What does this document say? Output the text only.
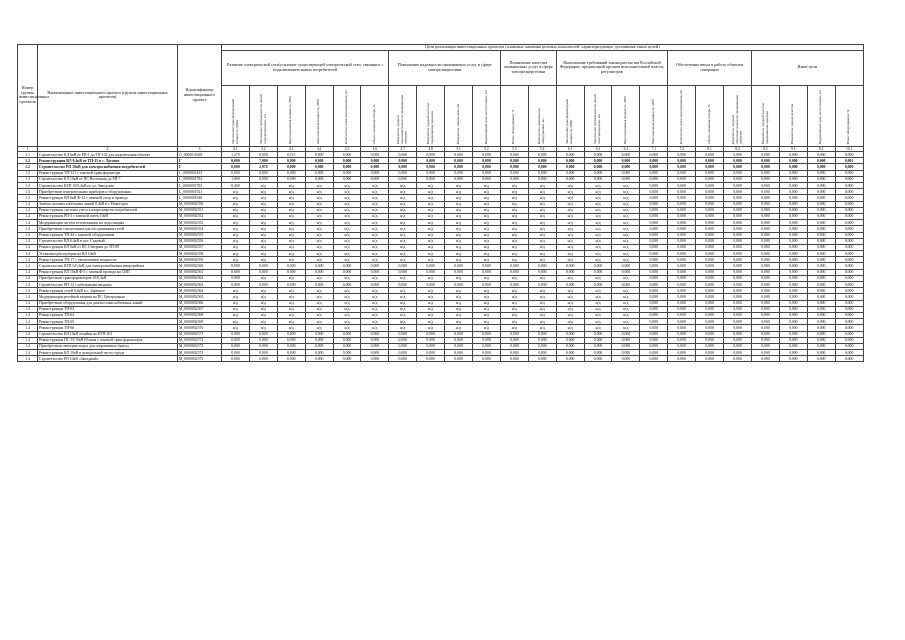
Номер группы инвестиционных проектов	Наименование инвестиционного проекта (группы инвестиционных проектов)	Идентификатор инвестиционного проекта	Цели реализации инвестиционных проектов (плановые значения целевых показателей, характеризующие достижение таких целей)																						
			Развитие электрической сети/усиление существующей электрической сети, связанное с подключением новых потребителей						Повышение надежности оказываемых услуг в сфере электроэнергетики				Повышение качества оказываемых услуг в сфере электроэнергетики		Выполнение требований законодательства Российской Федерации, предписаний органов исполнительной власти, регуляторов				Обеспечение ввода в работу объектов генерации			Иные цели			

			Увеличение трансформаторной мощности, МВА	Увеличение протяженности линий электропередачи, км	Присоединяемая мощность, МВт	Максимальная мощность, МВт	Количество точек присоединения, шт	Объем снижения потерь, %	Показатель средней продолжительности прекращения передачи	Показатель средней частоты прекращения передачи	Показатель уровня качества	Нормативный срок эксплуатации, лет	Износ оборудования, %	Количество замененного оборудования, шт	Увеличение трансформаторной мощности, МВА	Увеличение протяженности линий электропередачи, км	Присоединяемая мощность, МВт	Максимальная мощность, МВт	Количество точек присоединения, шт	Объем снижения потерь, %	Показатель средней продолжительности прекращения передачи	Показатель средней частоты прекращения передачи	Показатель уровня качества	Нормативный срок эксплуатации, лет	Износ оборудования, %

1	2	3	4.1	4.2	4.3	4.4	4.5	4.6	4.7	4.8	5.1	5.2	5.3	5.4	6.1	6.2	6.3	7.1	7.2	8.1	8.2	8.3	9.1	9.2	10.1
1.1	Строительство КЛ 6кВ от РП-1 до ТП-102 для подключения объекта	О_0000010401	1,270	0,000	0,115	0,000	0,000	0,000	0,000	0,000	0,000	0,000	0,000	0,000	0,000	0,000	0,000	0,000	0,000	0,000	0,000	0,000	0,000	0,000	0,000
1.2	Реконструкция ВЛ 0,4кВ от ТП-15 в с. Луговое	Г	0,000	7,000	0,000	0,000	0,000	0,000	0,000	0,000	0,000	0,000	0,000	0,000	0,000	0,000	0,000	0,000	0,000	0,000	0,000	0,000	0,000	0,000	0,001
1.2	Строительство РП 10кВ для электроснабжения потребителей	Г	0,000	2,970	0,000	0,000	0,000	0,000	0,000	0,000	0,000	0,000	0,000	0,000	0,000	0,000	0,000	0,000	0,000	0,000	0,000	0,000	0,000	0,000	0,000
1.3	Реконструкция ТП-121 с заменой трансформатора	L_0000001453	0,000	0,000	0,000	0,000	0,000	0,000	0,000	0,000	0,000	0,000	0,000	0,000	0,000	0,000	0,000	0,000	0,000	0,000	0,000	0,000	0,000	0,000	0,000
1.3	Строительство КЛ 10кВ от ПС Восточная до РП-7	L_0000001782	1,000	0,000	0,000	0,000	0,000	0,000	0,000	0,000	0,000	0,000	0,000	0,000	0,000	0,000	0,000	0,000	0,000	0,000	0,000	0,000	0,000	0,000	0,000
1.3	Строительство КТП 10/0,4кВ по ул. Заводская	L_0000001783	0,400	н/д	н/д	н/д	н/д	н/д	н/д	н/д	н/д	н/д	н/д	н/д	н/д	н/д	н/д	0,000	0,000	0,000	0,000	0,000	0,000	0,000	0,000
1.3	Приобретение измерительных приборов и оборудования	L_0000001921	н/д	н/д	н/д	н/д	н/д	н/д	н/д	н/д	н/д	н/д	н/д	н/д	н/д	н/д	н/д	0,000	0,000	0,000	0,000	0,000	0,000	0,000	0,000
1.3	Реконструкция ВЛ 6кВ Ф-12 с заменой опор и провода	L_0000001940	н/д	н/д	н/д	н/д	н/д	н/д	н/д	н/д	н/д	н/д	н/д	н/д	н/д	н/д	н/д	0,000	0,000	0,000	0,000	0,000	0,000	0,000	0,000
1.4	Замена силовых кабельных линий 0,4кВ в г. Новогорск	М_0000002550	н/д	н/д	н/д	н/д	н/д	н/д	н/д	н/д	н/д	н/д	н/д	н/д	н/д	н/д	н/д	0,000	0,000	0,000	0,000	0,000	0,000	0,000	0,000
1.4	Реконструкция системы учета электроэнергии потребителей	М_0000002551	н/д	н/д	н/д	н/д	н/д	н/д	н/д	н/д	н/д	н/д	н/д	н/д	н/д	н/д	н/д	0,000	0,000	0,000	0,000	0,000	0,000	0,000	0,000
1.4	Реконструкция РП-3 с заменой ячеек 10кВ	М_0000002552	н/д	н/д	н/д	н/д	н/д	н/д	н/д	н/д	н/д	н/д	н/д	н/д	н/д	н/д	н/д	0,000	0,000	0,000	0,000	0,000	0,000	0,000	0,000
1.4	Модернизация систем телемеханики на подстанциях	М_0000002553	н/д	н/д	н/д	н/д	н/д	н/д	н/д	н/д	н/д	н/д	н/д	н/д	н/д	н/д	н/д	0,000	0,000	0,000	0,000	0,000	0,000	0,000	0,000
1.4	Приобретение спецтехники для обслуживания сетей	М_0000002554	н/д	н/д	н/д	н/д	н/д	н/д	н/д	н/д	н/д	н/д	н/д	н/д	н/д	н/д	н/д	0,000	0,000	0,000	0,000	0,000	0,000	0,000	0,000
1.4	Реконструкция ТП-44 с заменой оборудования	М_0000002555	н/д	н/д	н/д	н/д	н/д	н/д	н/д	н/д	н/д	н/д	н/д	н/д	н/д	н/д	н/д	0,000	0,000	0,000	0,000	0,000	0,000	0,000	0,000
1.4	Строительство ВЛ 0,4кВ в пос. Садовый	М_0000002556	н/д	н/д	н/д	н/д	н/д	н/д	н/д	н/д	н/д	н/д	н/д	н/д	н/д	н/д	н/д	0,000	0,000	0,000	0,000	0,000	0,000	0,000	0,000
1.4	Реконструкция КЛ 6кВ от ПС Северная до ТП-88	М_0000002557	н/д	н/д	н/д	н/д	н/д	н/д	н/д	н/д	н/д	н/д	н/д	н/д	н/д	н/д	н/д	0,000	0,000	0,000	0,000	0,000	0,000	0,000	0,000
1.4	Установка реклоузеров на ВЛ 10кВ	М_0000002558	н/д	н/д	н/д	н/д	н/д	н/д	н/д	н/д	н/д	н/д	н/д	н/д	н/д	н/д	н/д	0,000	0,000	0,000	0,000	0,000	0,000	0,000	0,000
1.4	Реконструкция ТП-17 с увеличением мощности	М_0000002559	н/д	н/д	н/д	н/д	н/д	н/д	н/д	н/д	н/д	н/д	н/д	н/д	н/д	н/д	н/д	0,000	0,000	0,000	0,000	0,000	0,000	0,000	0,000
1.4	Строительство КТП 6/0,4кВ для электроснабжения микрорайона	М_0000002560	0,000	0,000	0,000	0,000	0,000	0,000	0,000	0,000	0,000	0,000	0,000	0,000	0,000	0,000	0,000	0,000	0,000	0,000	0,000	0,000	0,000	0,000	0,000
1.4	Реконструкция ВЛ 10кВ Ф-5 с заменой провода на СИП	М_0000002561	0,000	0,000	0,000	0,000	0,000	0,000	0,000	0,000	0,000	0,000	0,000	0,000	0,000	0,000	0,000	0,000	0,000	0,000	0,000	0,000	0,000	0,000	0,000
1.4	Приобретение трансформаторов 10/0,4кВ	М_0000002562	0,000	н/д	н/д	н/д	н/д	н/д	н/д	н/д	н/д	н/д	н/д	н/д	н/д	н/д	н/д	0,000	0,000	0,000	0,000	0,000	0,000	0,000	0,000
1.4	Строительство РП-12 с кабельными вводами	М_0000002563	0,000	0,000	0,000	0,000	0,000	0,000	0,000	0,000	0,000	0,000	0,000	0,000	0,000	0,000	0,000	0,000	0,000	0,000	0,000	0,000	0,000	0,000	0,000
1.4	Реконструкция сетей 0,4кВ в с. Заречное	М_0000002564	н/д	н/д	н/д	н/д	н/д	н/д	н/д	н/д	н/д	н/д	н/д	н/д	н/д	н/д	н/д	0,000	0,000	0,000	0,000	0,000	0,000	0,000	0,000
1.4	Модернизация релейной защиты на ПС Центральная	М_0000002565	н/д	н/д	н/д	н/д	н/д	н/д	н/д	н/д	н/д	н/д	н/д	н/д	н/д	н/д	н/д	0,000	0,000	0,000	0,000	0,000	0,000	0,000	0,000
1.4	Приобретение оборудования для диагностики кабельных линий	М_0000002566	н/д	н/д	н/д	н/д	н/д	н/д	н/д	н/д	н/д	н/д	н/д	н/д	н/д	н/д	н/д	0,000	0,000	0,000	0,000	0,000	0,000	0,000	0,000
1.4	Реконструкция ТП-63	М_0000002567	н/д	н/д	н/д	н/д	н/д	н/д	н/д	н/д	н/д	н/д	н/д	н/д	н/д	н/д	н/д	0,000	0,000	0,000	0,000	0,000	0,000	0,000	0,000
1.4	Реконструкция ТП-64	М_0000002568	н/д	н/д	н/д	н/д	н/д	н/д	н/д	н/д	н/д	н/д	н/д	н/д	н/д	н/д	н/д	0,000	0,000	0,000	0,000	0,000	0,000	0,000	0,000
1.4	Реконструкция ТП-65	М_0000002569	н/д	н/д	н/д	н/д	н/д	н/д	н/д	н/д	н/д	н/д	н/д	н/д	н/д	н/д	н/д	0,000	0,000	0,000	0,000	0,000	0,000	0,000	0,000
1.4	Реконструкция ТП-66	М_0000002570	н/д	н/д	н/д	н/д	н/д	н/д	н/д	н/д	н/д	н/д	н/д	н/д	н/д	н/д	н/д	0,000	0,000	0,000	0,000	0,000	0,000	0,000	0,000
1.4	Строительство ВЛ 10кВ отпайки на КТП-201	М_0000002571	0,000	0,000	0,000	0,000	0,000	0,000	0,000	0,000	0,000	0,000	0,000	0,000	0,000	0,000	0,000	0,000	0,000	0,000	0,000	0,000	0,000	0,000	0,000
1.4	Реконструкция ПС 35/10кВ Южная с заменой трансформаторов	М_0000002572	0,000	0,000	0,000	0,000	0,000	0,000	0,000	0,000	0,000	0,000	0,000	0,000	0,000	0,000	0,000	0,000	0,000	0,000	0,000	0,000	0,000	0,000	0,000
1.4	Приобретение автотранспорта для оперативных бригад	М_0000002573	0,000	0,000	0,000	0,000	0,000	0,000	0,000	0,000	0,000	0,000	0,000	0,000	0,000	0,000	0,000	0,000	0,000	0,000	0,000	0,000	0,000	0,000	0,000
1.4	Реконструкция КЛ 10кВ в центральной части города	М_0000002574	0,000	0,000	0,000	0,000	0,000	0,000	0,000	0,000	0,000	0,000	0,000	0,000	0,000	0,000	0,000	0,000	0,000	0,000	0,000	0,000	0,000	0,000	0,000
1.4	Строительство РП 10кВ «Западный»	М_0000002575	0,000	0,000	0,000	0,000	0,000	0,000	0,000	0,000	0,000	0,000	0,000	0,000	0,000	0,000	0,000	0,000	0,000	0,000	0,000	0,000	0,000	0,000	0,000
